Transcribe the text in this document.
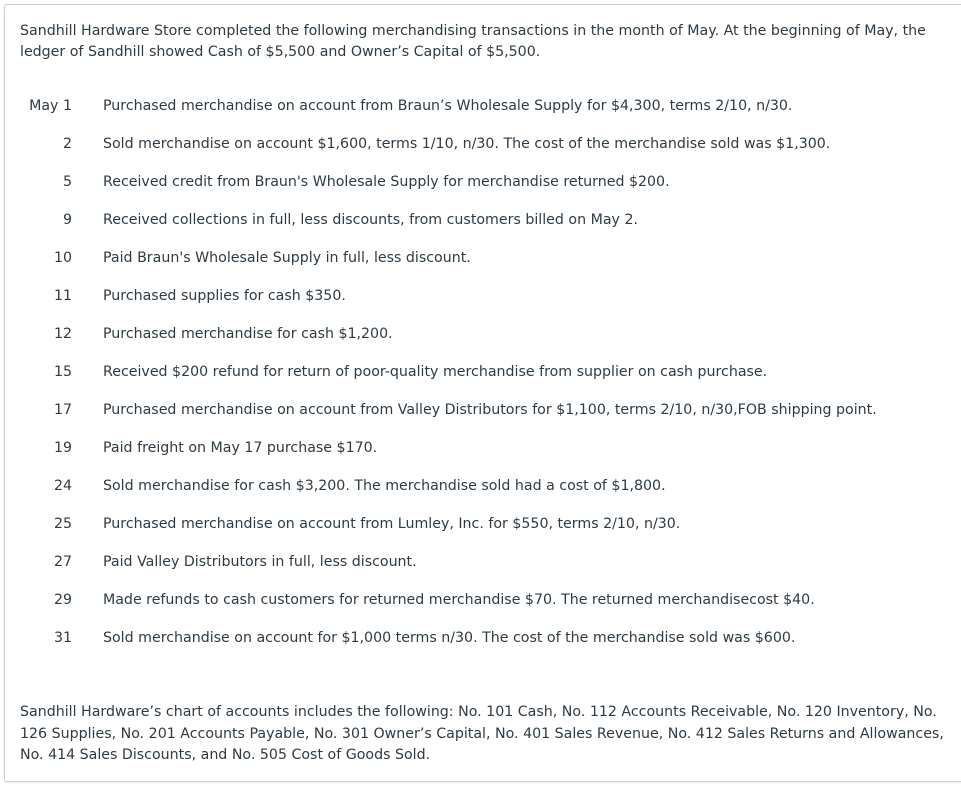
Sandhill Hardware Store completed the following merchandising transactions in the month of May. At the beginning of May, the ledger of Sandhill showed Cash of $5,500 and Owner’s Capital of $5,500.

May 1 Purchased merchandise on account from Braun’s Wholesale Supply for $4,300, terms 2/10, n/30.
2 Sold merchandise on account $1,600, terms 1/10, n/30. The cost of the merchandise sold was $1,300.
5 Received credit from Braun's Wholesale Supply for merchandise returned $200.
9 Received collections in full, less discounts, from customers billed on May 2.
10 Paid Braun's Wholesale Supply in full, less discount.
11 Purchased supplies for cash $350.
12 Purchased merchandise for cash $1,200.
15 Received $200 refund for return of poor-quality merchandise from supplier on cash purchase.
17 Purchased merchandise on account from Valley Distributors for $1,100, terms 2/10, n/30,FOB shipping point.
19 Paid freight on May 17 purchase $170.
24 Sold merchandise for cash $3,200. The merchandise sold had a cost of $1,800.
25 Purchased merchandise on account from Lumley, Inc. for $550, terms 2/10, n/30.
27 Paid Valley Distributors in full, less discount.
29 Made refunds to cash customers for returned merchandise $70. The returned merchandisecost $40.
31 Sold merchandise on account for $1,000 terms n/30. The cost of the merchandise sold was $600.

Sandhill Hardware’s chart of accounts includes the following: No. 101 Cash, No. 112 Accounts Receivable, No. 120 Inventory, No. 126 Supplies, No. 201 Accounts Payable, No. 301 Owner’s Capital, No. 401 Sales Revenue, No. 412 Sales Returns and Allowances, No. 414 Sales Discounts, and No. 505 Cost of Goods Sold.
